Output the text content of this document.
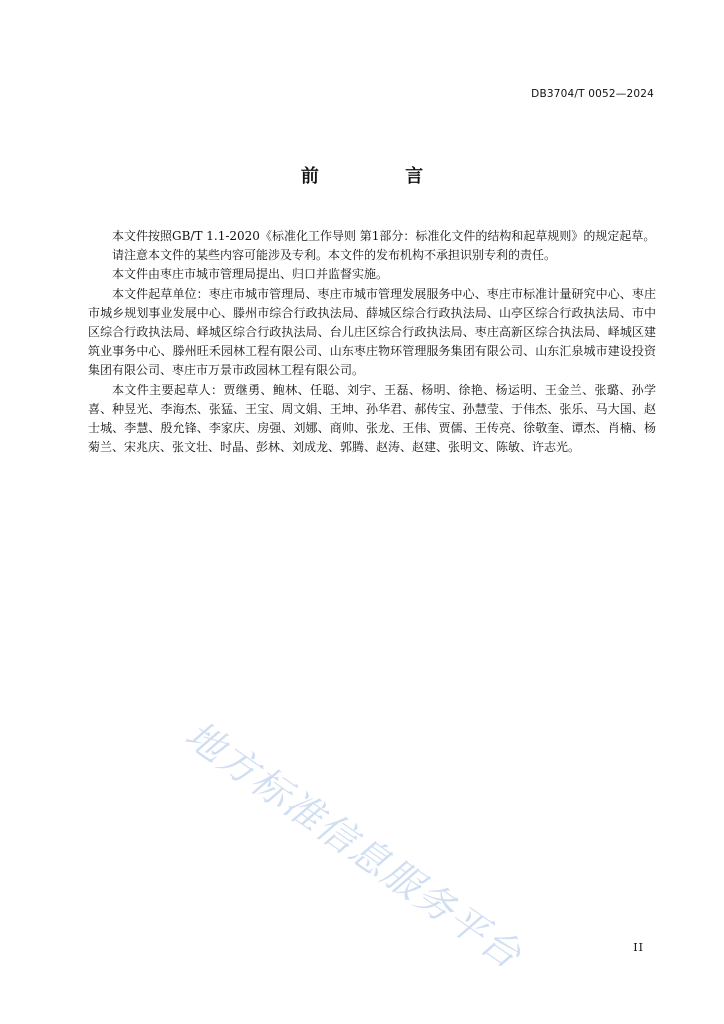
DB3704/T 0052—2024
前 言

本文件按照GB/T 1.1-2020《标准化工作导则 第1部分：标准化文件的结构和起草规则》的规定起草。

请注意本文件的某些内容可能涉及专利。本文件的发布机构不承担识别专利的责任。

本文件由枣庄市城市管理局提出、归口并监督实施。

本文件起草单位：枣庄市城市管理局、枣庄市城市管理发展服务中心、枣庄市标准计量研究中心、枣庄市城乡规划事业发展中心、滕州市综合行政执法局、薛城区综合行政执法局、山亭区综合行政执法局、市中区综合行政执法局、峄城区综合行政执法局、台儿庄区综合行政执法局、枣庄高新区综合执法局、峄城区建筑业事务中心、滕州旺禾园林工程有限公司、山东枣庄物环管理服务集团有限公司、山东汇泉城市建设投资集团有限公司、枣庄市万景市政园林工程有限公司。

本文件主要起草人：贾继勇、鲍林、任聪、刘宇、王磊、杨明、徐艳、杨运明、王金兰、张璐、孙学喜、种昱光、李海杰、张猛、王宝、周文娟、王坤、孙华君、郝传宝、孙慧莹、于伟杰、张乐、马大国、赵士城、李慧、殷允锋、李家庆、房强、刘娜、商帅、张龙、王伟、贾儒、王传亮、徐敬奎、谭杰、肖楠、杨菊兰、宋兆庆、张文壮、时晶、彭林、刘成龙、郭腾、赵涛、赵建、张明文、陈敏、许志光。

地方标准信息服务平台	II
